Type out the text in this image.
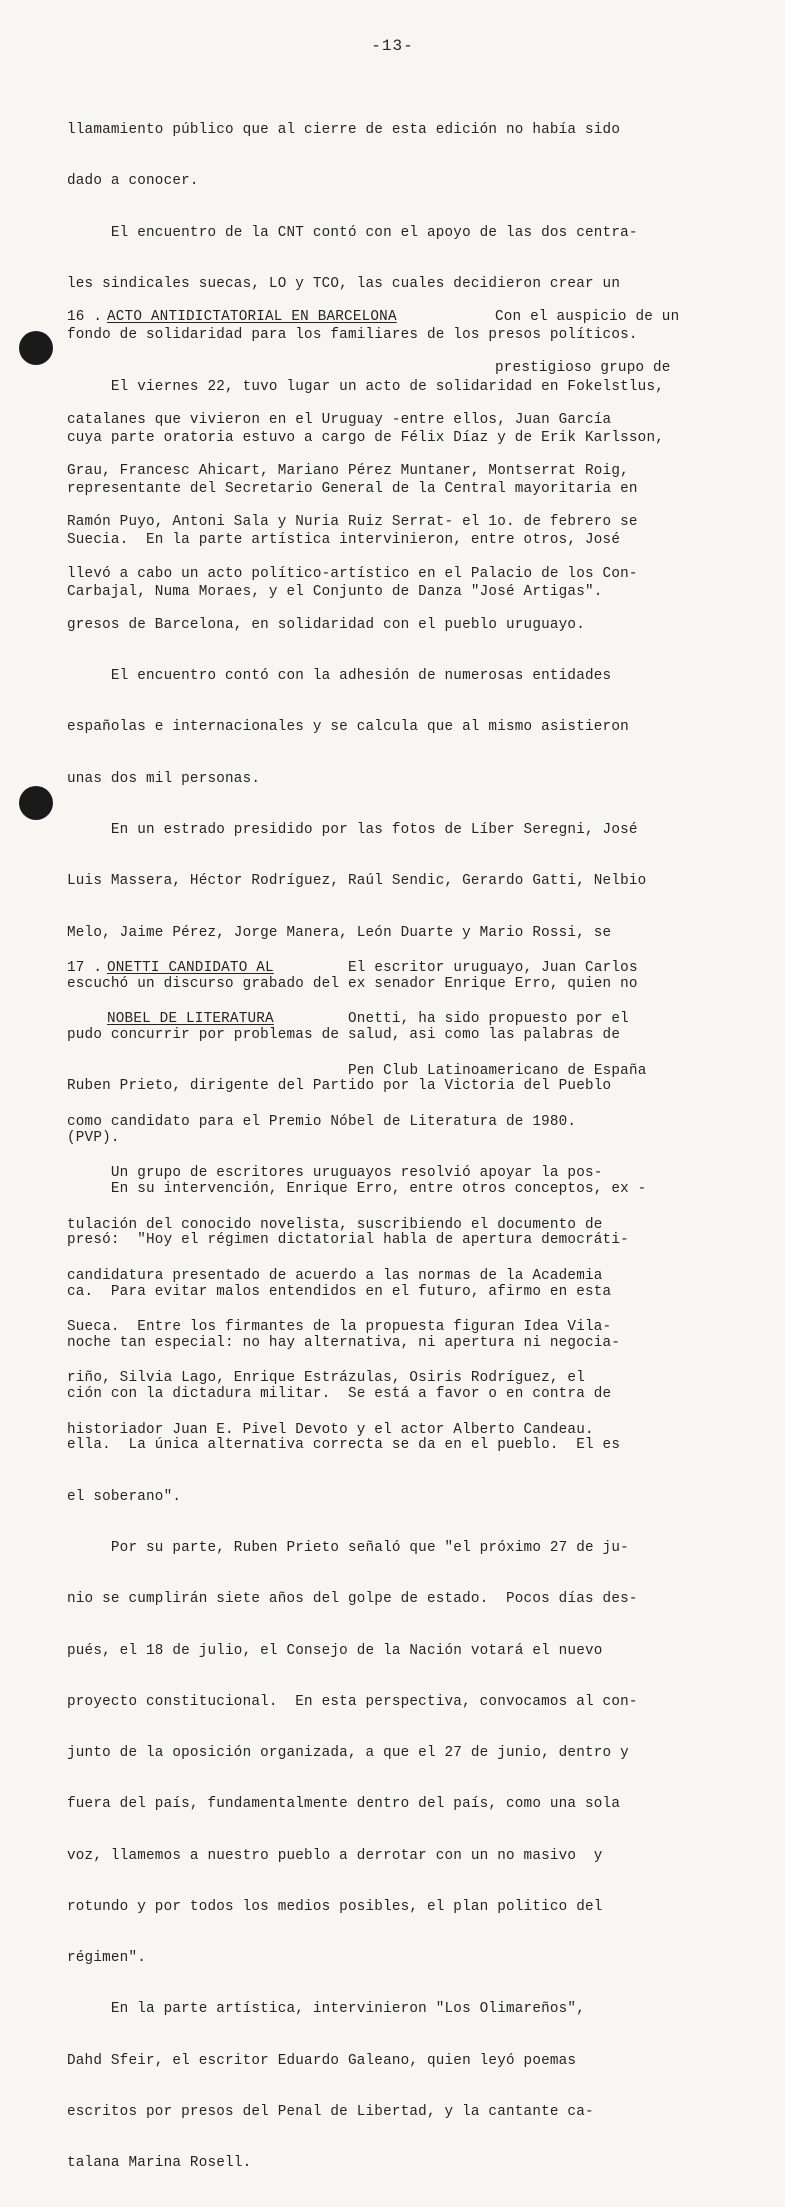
-13-

llamamiento público que al cierre de esta edición no había sido

dado a conocer.

El encuentro de la CNT contó con el apoyo de las dos centra-

les sindicales suecas, LO y TCO, las cuales decidieron crear un

fondo de solidaridad para los familiares de los presos políticos.

El viernes 22, tuvo lugar un acto de solidaridad en Fokelstlus,

cuya parte oratoria estuvo a cargo de Félix Díaz y de Erik Karlsson,

representante del Secretario General de la Central mayoritaria en

Suecia.  En la parte artística intervinieron, entre otros, José

Carbajal, Numa Moraes, y el Conjunto de Danza "José Artigas".

16 .

ACTO ANTIDICTATORIAL EN BARCELONA

	Con el auspicio de un

prestigioso grupo de

catalanes que vivieron en el Uruguay -entre ellos, Juan García

Grau, Francesc Ahicart, Mariano Pérez Muntaner, Montserrat Roig,

Ramón Puyo, Antoni Sala y Nuria Ruiz Serrat- el 1o. de febrero se

llevó a cabo un acto político-artístico en el Palacio de los Con-

gresos de Barcelona, en solidaridad con el pueblo uruguayo.

El encuentro contó con la adhesión de numerosas entidades

españolas e internacionales y se calcula que al mismo asistieron

unas dos mil personas.

En un estrado presidido por las fotos de Líber Seregni, José

Luis Massera, Héctor Rodríguez, Raúl Sendic, Gerardo Gatti, Nelbio

Melo, Jaime Pérez, Jorge Manera, León Duarte y Mario Rossi, se

escuchó un discurso grabado del ex senador Enrique Erro, quien no

pudo concurrir por problemas de salud, asi como las palabras de

Ruben Prieto, dirigente del Partido por la Victoria del Pueblo

(PVP).

En su intervención, Enrique Erro, entre otros conceptos, ex -

presó:  "Hoy el régimen dictatorial habla de apertura democráti-

ca.  Para evitar malos entendidos en el futuro, afirmo en esta

noche tan especial: no hay alternativa, ni apertura ni negocia-

ción con la dictadura militar.  Se está a favor o en contra de

ella.  La única alternativa correcta se da en el pueblo.  El es

el soberano".

Por su parte, Ruben Prieto señaló que "el próximo 27 de ju-

nio se cumplirán siete años del golpe de estado.  Pocos días des-

pués, el 18 de julio, el Consejo de la Nación votará el nuevo

proyecto constitucional.  En esta perspectiva, convocamos al con-

junto de la oposición organizada, a que el 27 de junio, dentro y

fuera del país, fundamentalmente dentro del país, como una sola

voz, llamemos a nuestro pueblo a derrotar con un no masivo  y

rotundo y por todos los medios posibles, el plan politico del

régimen".

En la parte artística, intervinieron "Los Olimareños",

Dahd Sfeir, el escritor Eduardo Galeano, quien leyó poemas

escritos por presos del Penal de Libertad, y la cantante ca-

talana Marina Rosell.

17 .

ONETTI CANDIDATO AL

	El escritor uruguayo, Juan Carlos

NOBEL DE LITERATURA

	Onetti, ha sido propuesto por el

Pen Club Latinoamericano de España

como candidato para el Premio Nóbel de Literatura de 1980.

Un grupo de escritores uruguayos resolvió apoyar la pos-

tulación del conocido novelista, suscribiendo el documento de

candidatura presentado de acuerdo a las normas de la Academia

Sueca.  Entre los firmantes de la propuesta figuran Idea Vila-

riño, Silvia Lago, Enrique Estrázulas, Osiris Rodríguez, el

historiador Juan E. Pivel Devoto y el actor Alberto Candeau.
